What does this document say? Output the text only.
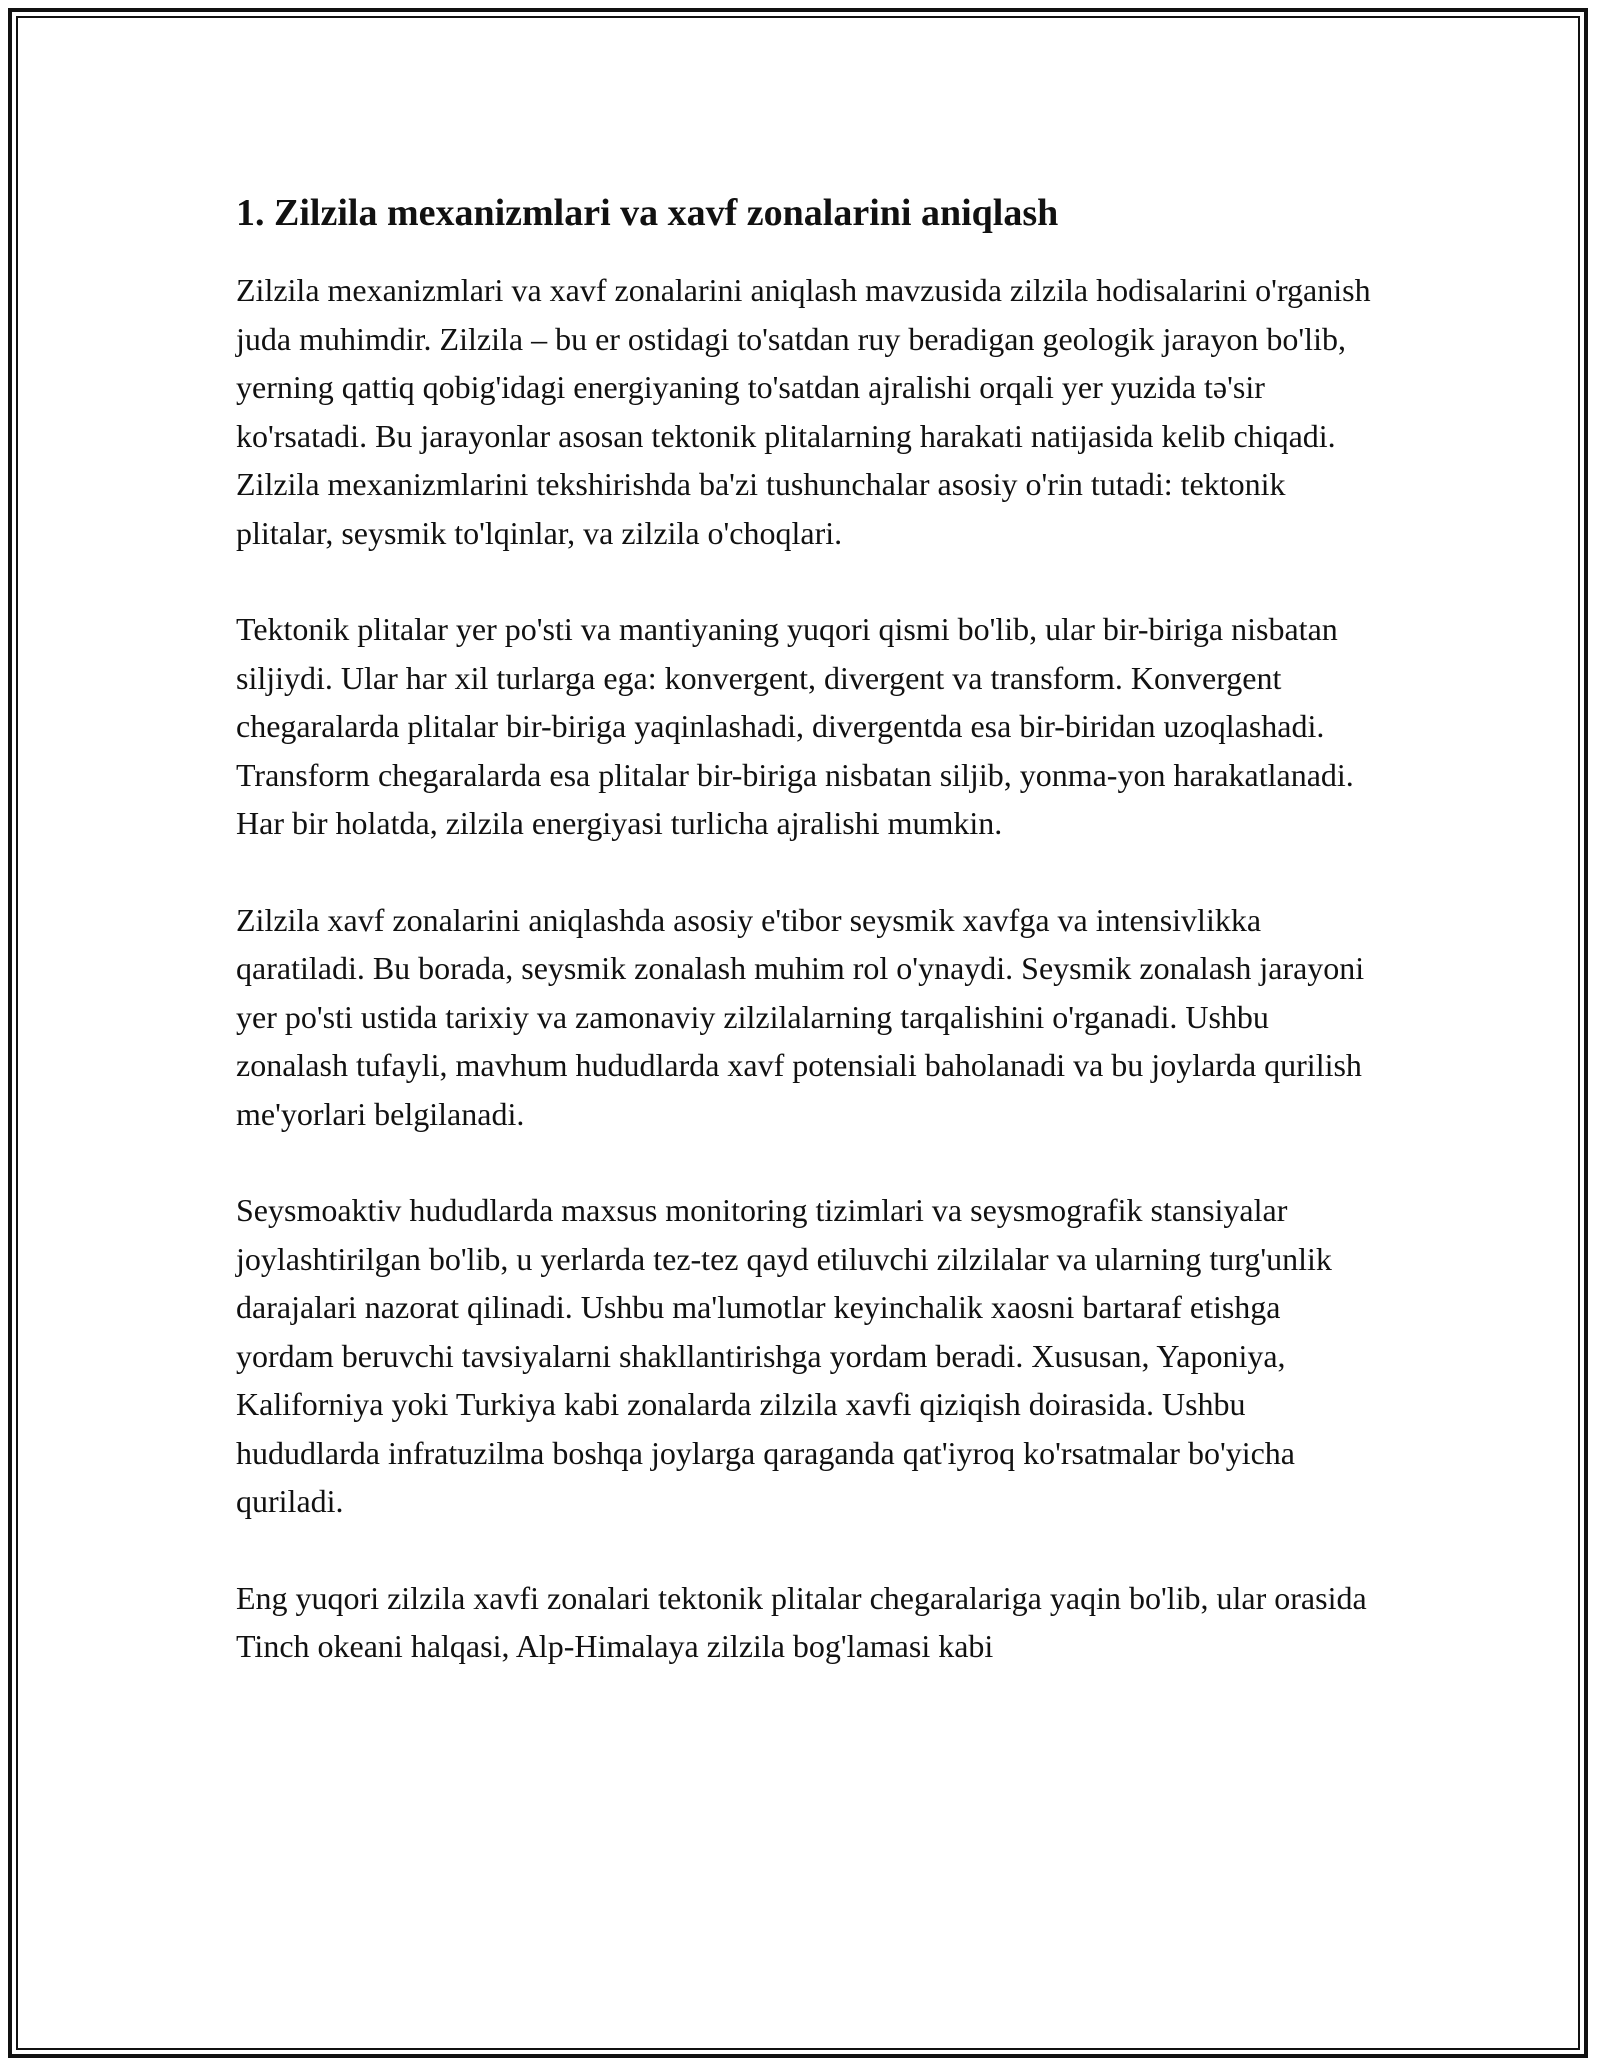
1. Zilzila mexanizmlari va xavf zonalarini aniqlash

Zilzila mexanizmlari va xavf zonalarini aniqlash mavzusida zilzila hodisalarini o'rganish juda muhimdir. Zilzila – bu er ostidagi to'satdan ruy beradigan geologik jarayon bo'lib, yerning qattiq qobig'idagi energiyaning to'satdan ajralishi orqali yer yuzida tə'sir ko'rsatadi. Bu jarayonlar asosan tektonik plitalarning harakati natijasida kelib chiqadi. Zilzila mexanizmlarini tekshirishda ba'zi tushunchalar asosiy o'rin tutadi: tektonik plitalar, seysmik to'lqinlar, va zilzila o'choqlari.

Tektonik plitalar yer po'sti va mantiyaning yuqori qismi bo'lib, ular bir-biriga nisbatan siljiydi. Ular har xil turlarga ega: konvergent, divergent va transform. Konvergent chegaralarda plitalar bir-biriga yaqinlashadi, divergentda esa bir-biridan uzoqlashadi. Transform chegaralarda esa plitalar bir-biriga nisbatan siljib, yonma-yon harakatlanadi. Har bir holatda, zilzila energiyasi turlicha ajralishi mumkin.

Zilzila xavf zonalarini aniqlashda asosiy e'tibor seysmik xavfga va intensivlikka qaratiladi. Bu borada, seysmik zonalash muhim rol o'ynaydi. Seysmik zonalash jarayoni yer po'sti ustida tarixiy va zamonaviy zilzilalarning tarqalishini o'rganadi. Ushbu zonalash tufayli, mavhum hududlarda xavf potensiali baholanadi va bu joylarda qurilish me'yorlari belgilanadi.

Seysmoaktiv hududlarda maxsus monitoring tizimlari va seysmografik stansiyalar joylashtirilgan bo'lib, u yerlarda tez-tez qayd etiluvchi zilzilalar va ularning turg'unlik darajalari nazorat qilinadi. Ushbu ma'lumotlar keyinchalik xaosni bartaraf etishga yordam beruvchi tavsiyalarni shakllantirishga yordam beradi. Xususan, Yaponiya, Kaliforniya yoki Turkiya kabi zonalarda zilzila xavfi qiziqish doirasida. Ushbu hududlarda infratuzilma boshqa joylarga qaraganda qat'iyroq ko'rsatmalar bo'yicha quriladi.

Eng yuqori zilzila xavfi zonalari tektonik plitalar chegaralariga yaqin bo'lib, ular orasida Tinch okeani halqasi, Alp-Himalaya zilzila bog'lamasi kabi
